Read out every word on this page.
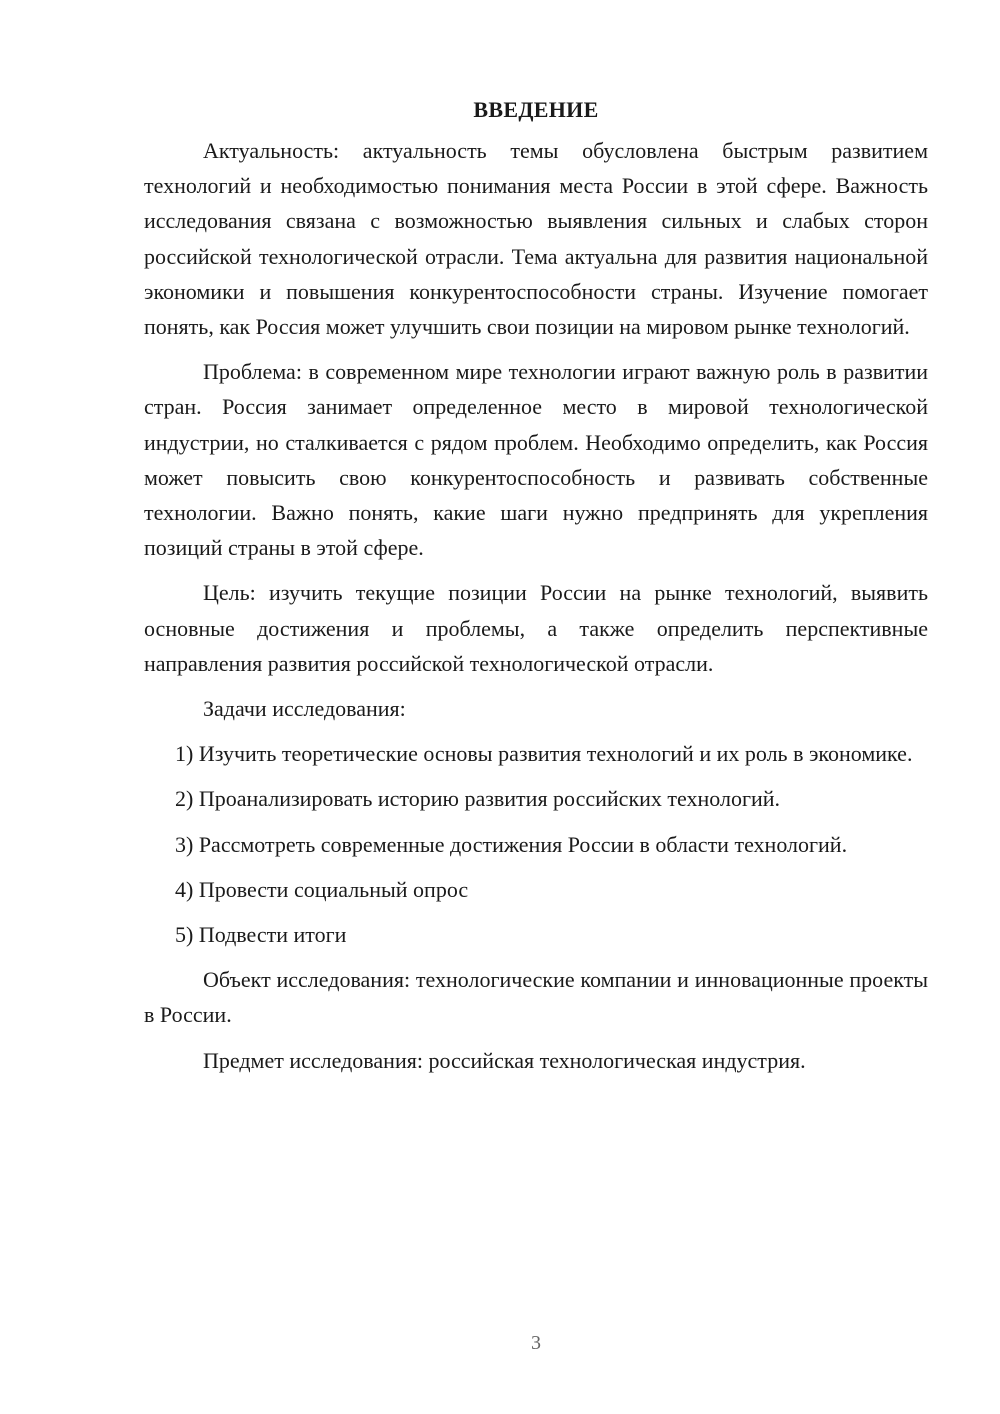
ВВЕДЕНИЕ

Актуальность: актуальность темы обусловлена быстрым развитием технологий и необходимостью понимания места России в этой сфере. Важность исследования связана с возможностью выявления сильных и слабых сторон российской технологической отрасли. Тема актуальна для развития национальной экономики и повышения конкурентоспособности страны. Изучение помогает понять, как Россия может улучшить свои позиции на мировом рынке технологий.

Проблема: в современном мире технологии играют важную роль в развитии стран. Россия занимает определенное место в мировой технологической индустрии, но сталкивается с рядом проблем. Необходимо определить, как Россия может повысить свою конкурентоспособность и развивать собственные технологии. Важно понять, какие шаги нужно предпринять для укрепления позиций страны в этой сфере.

Цель: изучить текущие позиции России на рынке технологий, выявить основные достижения и проблемы, а также определить перспективные направления развития российской технологической отрасли.

Задачи исследования:

1) Изучить теоретические основы развития технологий и их роль в экономике.

2) Проанализировать историю развития российских технологий.

3) Рассмотреть современные достижения России в области технологий.

4) Провести социальный опрос

5) Подвести итоги

Объект исследования: технологические компании и инновационные проекты в России.

Предмет исследования: российская технологическая индустрия.

3
